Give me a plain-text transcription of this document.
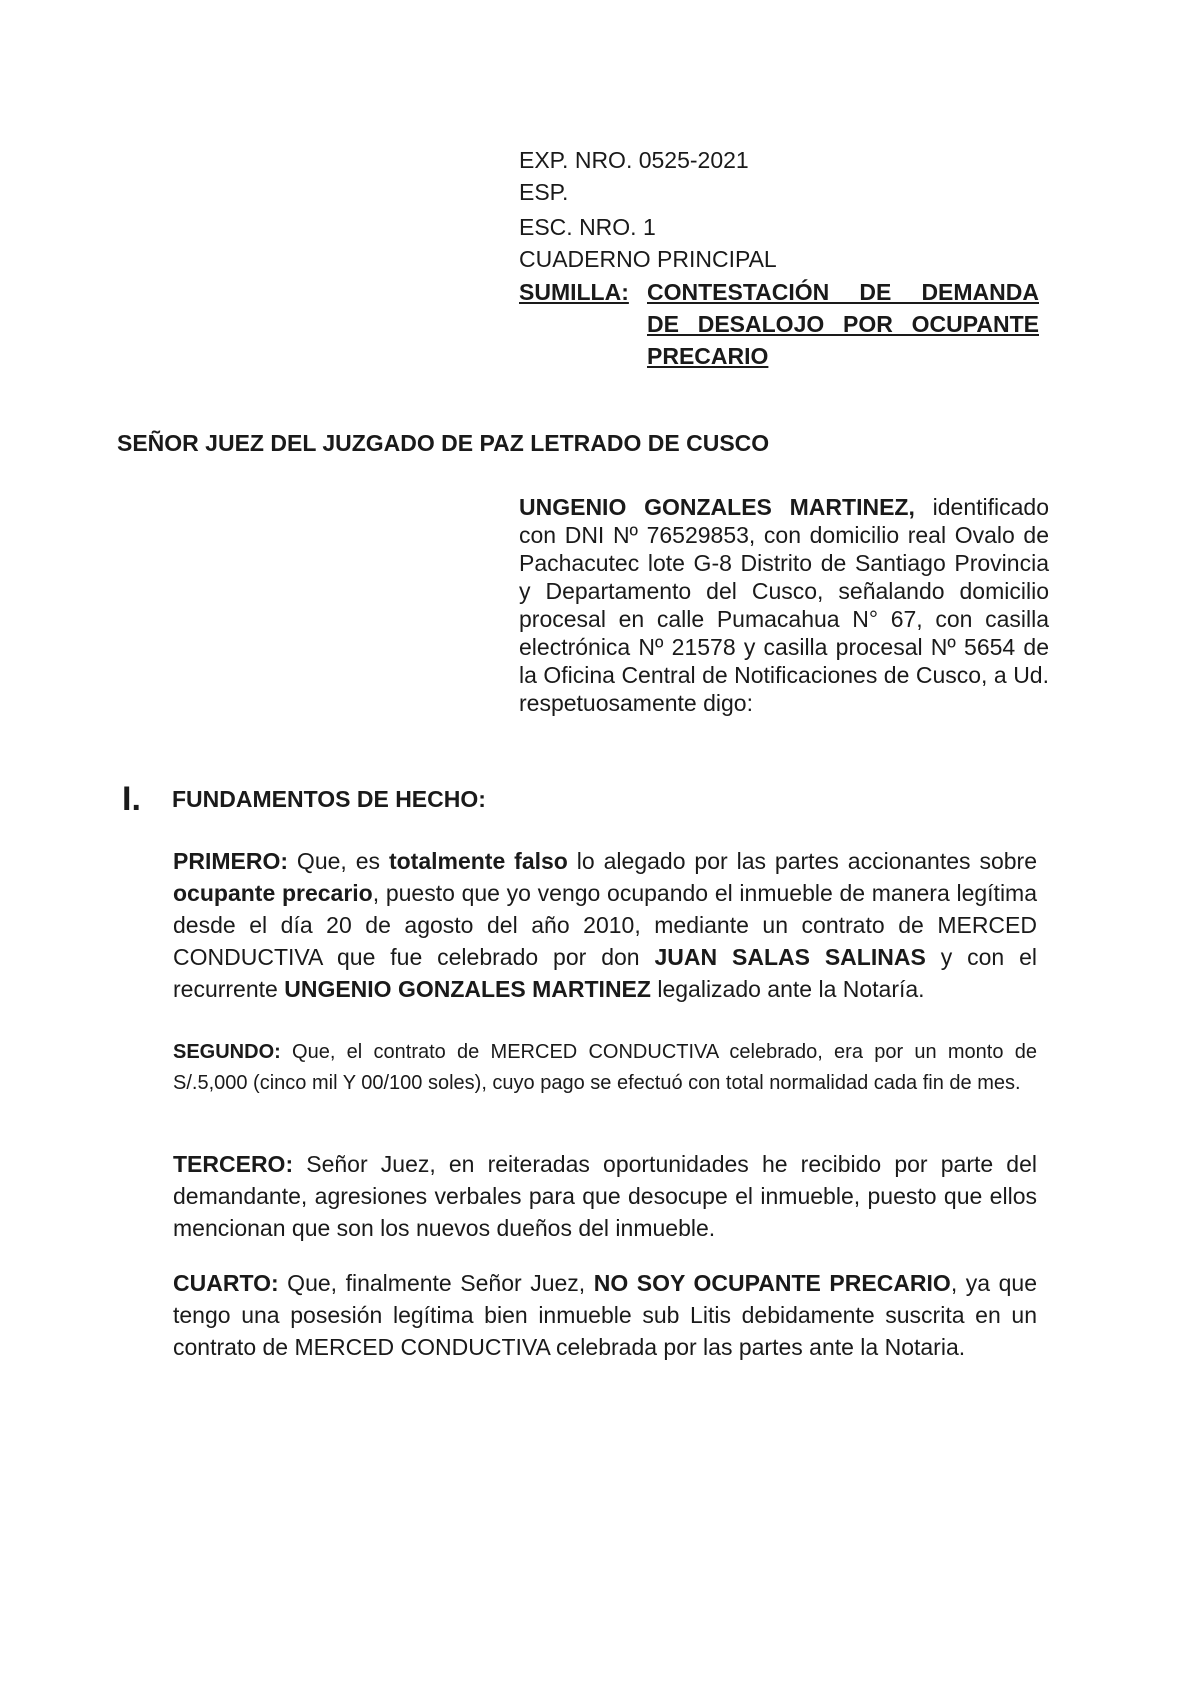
EXP. NRO. 0525-2021
ESP.
ESC. NRO. 1
CUADERNO PRINCIPAL
SUMILLA: CONTESTACIÓN DE DEMANDA
DE DESALOJO POR OCUPANTE
PRECARIO
SEÑOR JUEZ DEL JUZGADO DE PAZ LETRADO DE CUSCO
UNGENIO GONZALES MARTINEZ, identificado con DNI Nº 76529853, con domicilio real Ovalo de Pachacutec lote G-8 Distrito de Santiago Provincia y Departamento del Cusco, señalando domicilio procesal en calle Pumacahua N° 67, con casilla electrónica Nº 21578 y casilla procesal Nº 5654 de la Oficina Central de Notificaciones de Cusco, a Ud. respetuosamente digo:
I. FUNDAMENTOS DE HECHO:
PRIMERO: Que, es totalmente falso lo alegado por las partes accionantes sobre ocupante precario, puesto que yo vengo ocupando el inmueble de manera legítima desde el día 20 de agosto del año 2010, mediante un contrato de MERCED CONDUCTIVA que fue celebrado por don JUAN SALAS SALINAS y con el recurrente UNGENIO GONZALES MARTINEZ legalizado ante la Notaría.
SEGUNDO: Que, el contrato de MERCED CONDUCTIVA celebrado, era por un monto de S/.5,000 (cinco mil Y 00/100 soles), cuyo pago se efectuó con total normalidad cada fin de mes.
TERCERO: Señor Juez, en reiteradas oportunidades he recibido por parte del demandante, agresiones verbales para que desocupe el inmueble, puesto que ellos mencionan que son los nuevos dueños del inmueble.
CUARTO: Que, finalmente Señor Juez, NO SOY OCUPANTE PRECARIO, ya que tengo una posesión legítima bien inmueble sub Litis debidamente suscrita en un contrato de MERCED CONDUCTIVA celebrada por las partes ante la Notaria.
